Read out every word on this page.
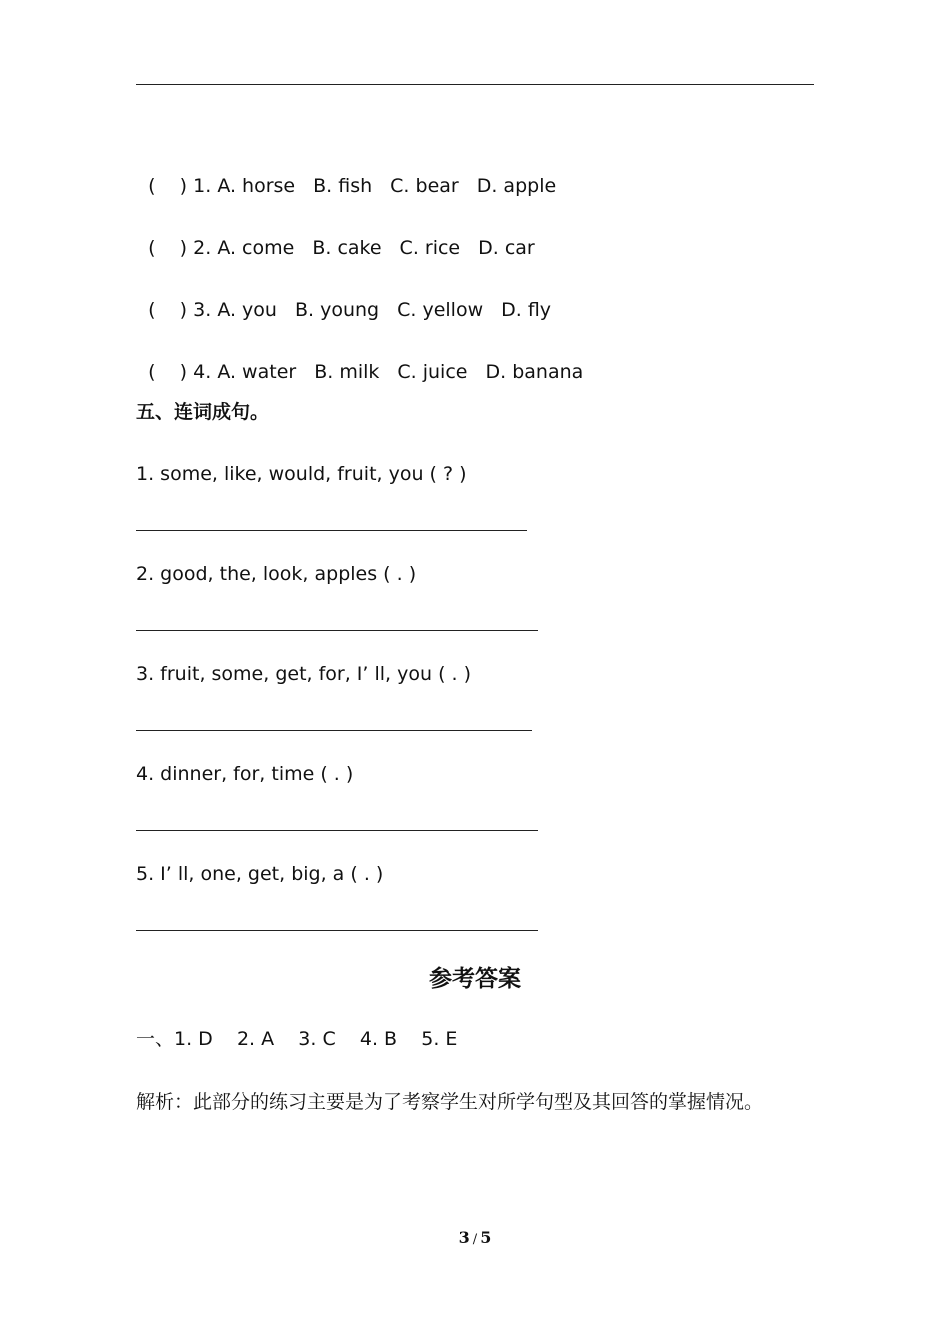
(    ) 1. A. horse B. fish C. bear D. apple

(    ) 2. A. come B. cake C. rice D. car

(    ) 3. A. you B. young C. yellow D. fly

(    ) 4. A. water B. milk C. juice D. banana

五、连词成句。
1. some, like, would, fruit, you ( ? )
2. good, the, look, apples ( . )
3. fruit, some, get, for, I’ ll, you ( . )
4. dinner, for, time ( . )
5. I’ ll, one, get, big, a ( . )
参考答案
一、1. D    2. A    3. C    4. B    5. E
解析：此部分的练习主要是为了考察学生对所学句型及其回答的掌握情况。
3 / 5
